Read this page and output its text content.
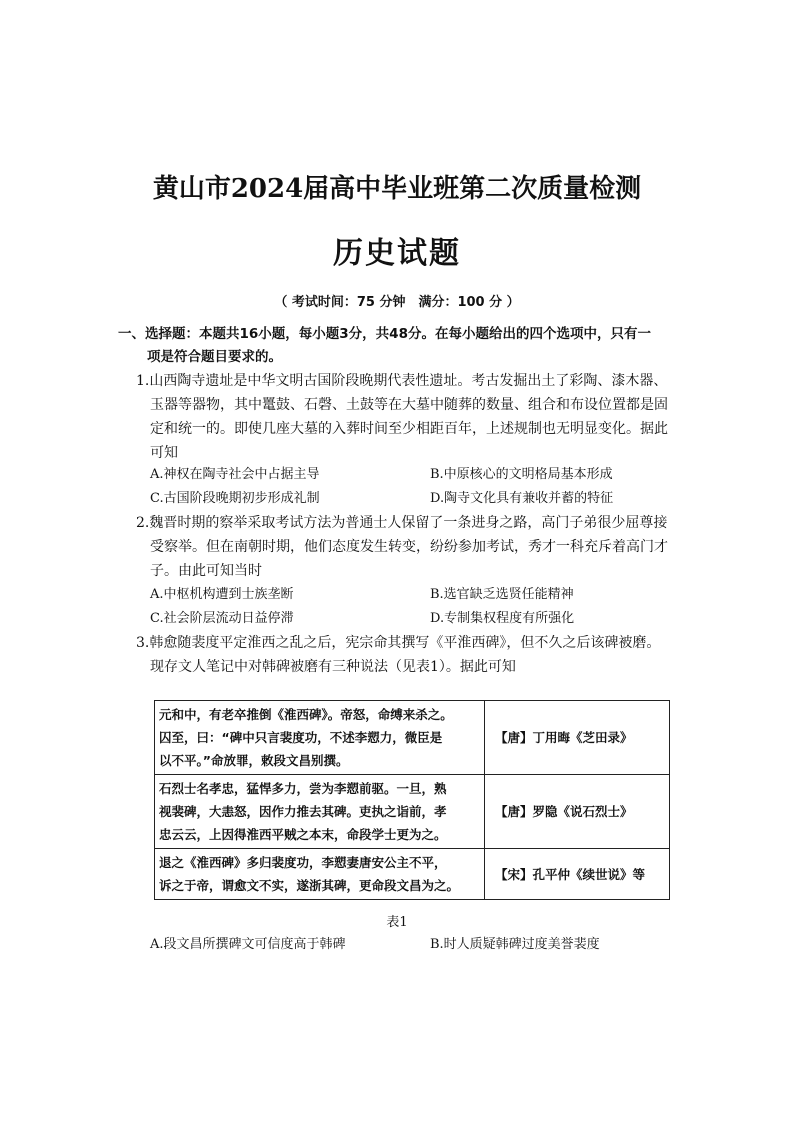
黄山市2024届高中毕业班第二次质量检测
历史试题
（ 考试时间：75 分钟　满分：100 分 ）
一、选择题：本题共16小题，每小题3分，共48分。在每小题给出的四个选项中，只有一
项是符合题目要求的。
1.山西陶寺遗址是中华文明古国阶段晚期代表性遗址。考古发掘出土了彩陶、漆木器、
玉器等器物，其中鼍鼓、石磬、土鼓等在大墓中随葬的数量、组合和布设位置都是固
定和统一的。即使几座大墓的入葬时间至少相距百年，上述规制也无明显变化。据此
可知
A.神权在陶寺社会中占据主导	B.中原核心的文明格局基本形成
C.古国阶段晚期初步形成礼制	D.陶寺文化具有兼收并蓄的特征
2.魏晋时期的察举采取考试方法为普通士人保留了一条进身之路，高门子弟很少屈尊接
受察举。但在南朝时期，他们态度发生转变，纷纷参加考试，秀才一科充斥着高门才
子。由此可知当时
A.中枢机构遭到士族垄断	B.选官缺乏选贤任能精神
C.社会阶层流动日益停滞	D.专制集权程度有所强化
3.韩愈随裴度平定淮西之乱之后，宪宗命其撰写《平淮西碑》，但不久之后该碑被磨。
现存文人笔记中对韩碑被磨有三种说法（见表1）。据此可知
元和中，有老卒推倒《淮西碑》。帝怒，命缚来杀之。
囚至，曰：“碑中只言裴度功，不述李愬力，微臣是
以不平。”命放罪，敕段文昌别撰。	【唐】丁用晦《芝田录》

石烈士名孝忠，猛悍多力，尝为李愬前驱。一旦，熟
视裴碑，大恚怒，因作力推去其碑。吏执之诣前，孝
忠云云，上因得淮西平贼之本末，命段学士更为之。	【唐】罗隐《说石烈士》

退之《淮西碑》多归裴度功，李愬妻唐安公主不平，
诉之于帝，谓愈文不实，遂浙其碑，更命段文昌为之。	【宋】孔平仲《续世说》等
表1
A.段文昌所撰碑文可信度高于韩碑	B.时人质疑韩碑过度美誉裴度
